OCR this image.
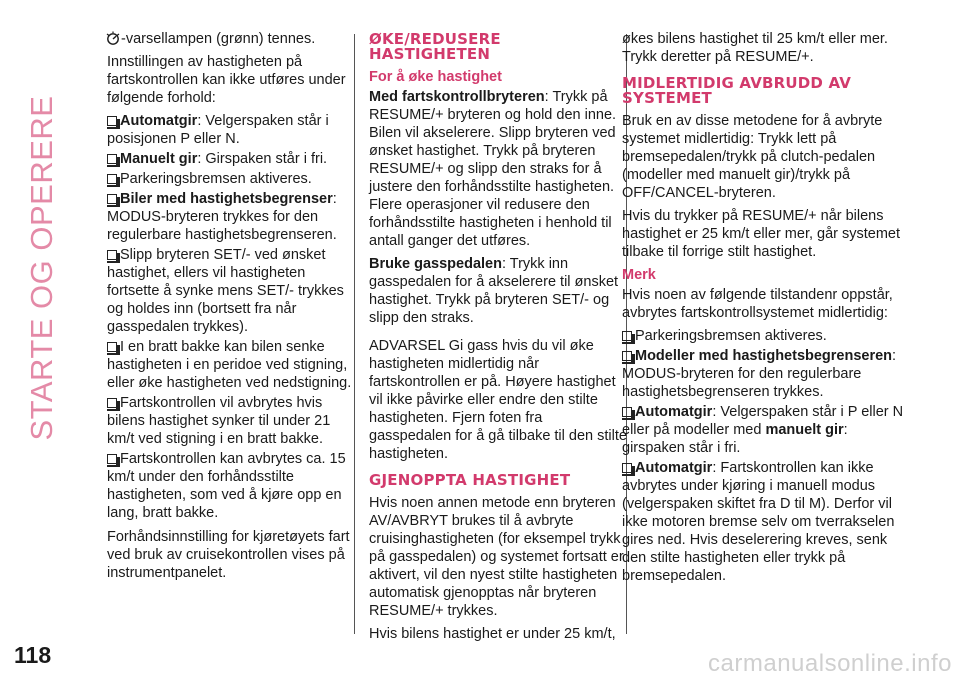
STARTE OG OPERERE
118

-varsellampen (grønn) tennes.

Innstillingen av hastigheten på fartskontrollen kan ikke utføres under følgende forhold:

Automatgir: Velgerspaken står i posisjonen P eller N.
Manuelt gir: Girspaken står i fri.
Parkeringsbremsen aktiveres.
Biler med hastighetsbegrenser: MODUS-bryteren trykkes for den regulerbare hastighetsbegrenseren.
Slipp bryteren SET/- ved ønsket hastighet, ellers vil hastigheten fortsette å synke mens SET/- trykkes og holdes inn (bortsett fra når gasspedalen trykkes).
I en bratt bakke kan bilen senke hastigheten i en peridoe ved stigning, eller øke hastigheten ved nedstigning.
Fartskontrollen vil avbrytes hvis bilens hastighet synker til under 21 km/t ved stigning i en bratt bakke.
Fartskontrollen kan avbrytes ca. 15 km/t under den forhåndsstilte hastigheten, som ved å kjøre opp en lang, bratt bakke.

Forhåndsinnstilling for kjøretøyets fart ved bruk av cruisekontrollen vises på instrumentpanelet.

ØKE/REDUSERE HASTIGHETEN
For å øke hastighet

Med fartskontrollbryteren: Trykk på RESUME/+ bryteren og hold den inne. Bilen vil akselerere. Slipp bryteren ved ønsket hastighet. Trykk på bryteren RESUME/+ og slipp den straks for å justere den forhåndsstilte hastigheten. Flere operasjoner vil redusere den forhåndsstilte hastigheten i henhold til antall ganger det utføres.

Bruke gasspedalen: Trykk inn gasspedalen for å akselerere til ønsket hastighet. Trykk på bryteren SET/- og slipp den straks.

ADVARSEL Gi gass hvis du vil øke hastigheten midlertidig når fartskontrollen er på. Høyere hastighet vil ikke påvirke eller endre den stilte hastigheten. Fjern foten fra gasspedalen for å gå tilbake til den stilte hastigheten.

GJENOPPTA HASTIGHET

Hvis noen annen metode enn bryteren AV/AVBRYT brukes til å avbryte cruisinghastigheten (for eksempel trykk på gasspedalen) og systemet fortsatt er aktivert, vil den nyest stilte hastigheten automatisk gjenopptas når bryteren RESUME/+ trykkes.

Hvis bilens hastighet er under 25 km/t,

økes bilens hastighet til 25 km/t eller mer. Trykk deretter på RESUME/+.

MIDLERTIDIG AVBRUDD AV SYSTEMET

Bruk en av disse metodene for å avbryte systemet midlertidig: Trykk lett på bremsepedalen/trykk på clutch-pedalen (modeller med manuelt gir)/trykk på OFF/CANCEL-bryteren.

Hvis du trykker på RESUME/+ når bilens hastighet er 25 km/t eller mer, går systemet tilbake til forrige stilt hastighet.

Merk

Hvis noen av følgende tilstandenr oppstår, avbrytes fartskontrollsystemet midlertidig:

Parkeringsbremsen aktiveres.
Modeller med hastighetsbegrenseren: MODUS-bryteren for den regulerbare hastighetsbegrenseren trykkes.
Automatgir: Velgerspaken står i P eller N eller på modeller med manuelt gir: girspaken står i fri.
Automatgir: Fartskontrollen kan ikke avbrytes under kjøring i manuell modus (velgerspaken skiftet fra D til M). Derfor vil ikke motoren bremse selv om tverrakselen gires ned. Hvis deselerering kreves, senk den stilte hastigheten eller trykk på bremsepedalen.
carmanualsonline.info
